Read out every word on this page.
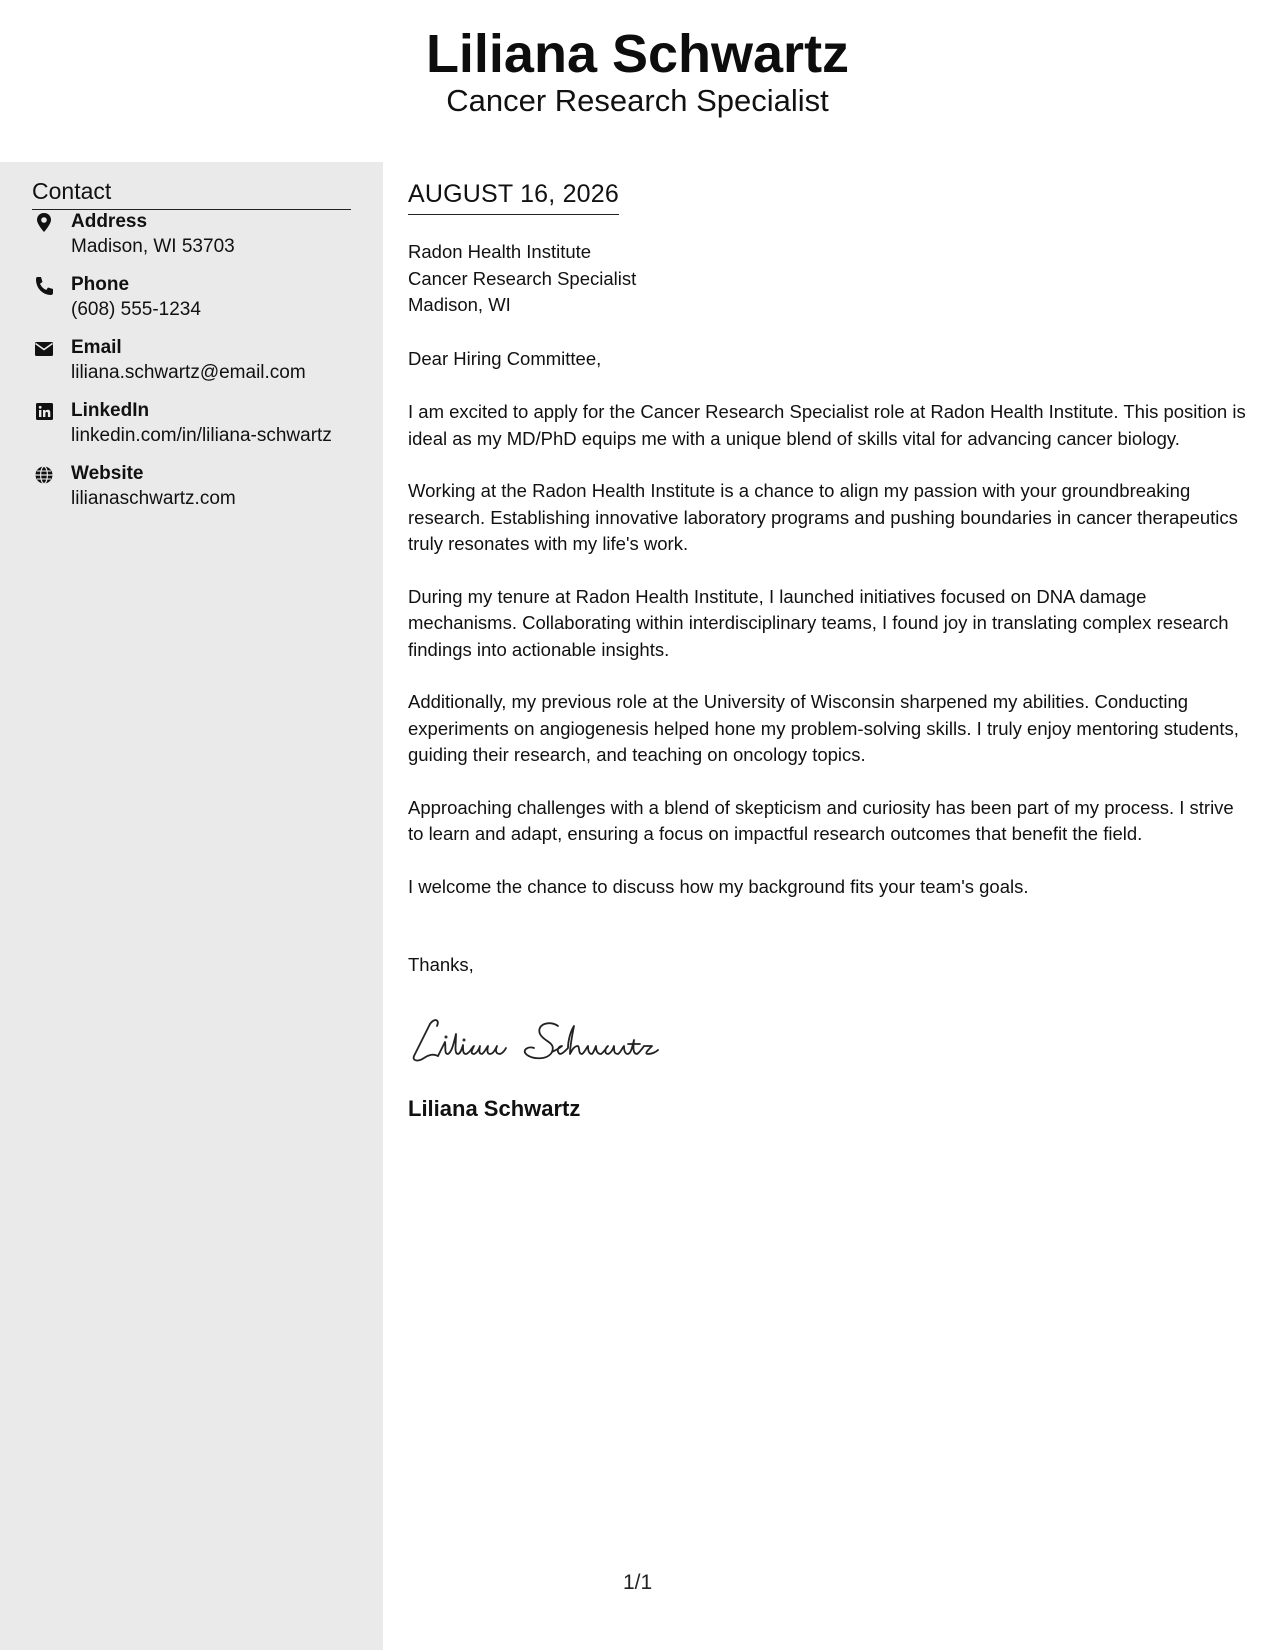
Liliana Schwartz
Cancer Research Specialist
Contact
Address
Madison, WI 53703
Phone
(608) 555-1234
Email
liliana.schwartz@email.com
LinkedIn
linkedin.com/in/liliana-schwartz
Website
lilianaschwartz.com
AUGUST 16, 2026
Radon Health Institute
Cancer Research Specialist
Madison, WI
Dear Hiring Committee,

I am excited to apply for the Cancer Research Specialist role at Radon Health Institute. This position is ideal as my MD/PhD equips me with a unique blend of skills vital for advancing cancer biology.

Working at the Radon Health Institute is a chance to align my passion with your groundbreaking research. Establishing innovative laboratory programs and pushing boundaries in cancer therapeutics truly resonates with my life's work.

During my tenure at Radon Health Institute, I launched initiatives focused on DNA damage mechanisms. Collaborating within interdisciplinary teams, I found joy in translating complex research findings into actionable insights.

Additionally, my previous role at the University of Wisconsin sharpened my abilities. Conducting experiments on angiogenesis helped hone my problem-solving skills. I truly enjoy mentoring students, guiding their research, and teaching on oncology topics.

Approaching challenges with a blend of skepticism and curiosity has been part of my process. I strive to learn and adapt, ensuring a focus on impactful research outcomes that benefit the field.

I welcome the chance to discuss how my background fits your team's goals.

Thanks,
Liliana Schwartz
1/1
